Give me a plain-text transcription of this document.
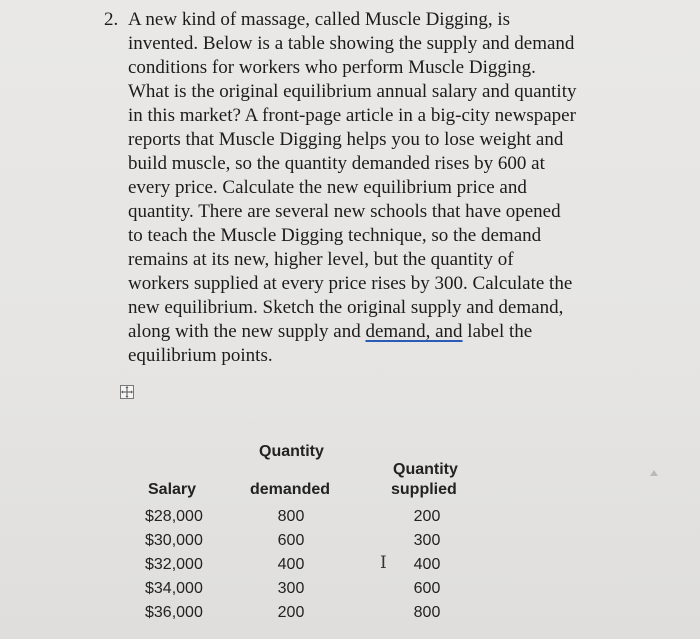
2. A new kind of massage, called Muscle Digging, is
invented. Below is a table showing the supply and demand
conditions for workers who perform Muscle Digging.
What is the original equilibrium annual salary and quantity
in this market? A front-page article in a big-city newspaper
reports that Muscle Digging helps you to lose weight and
build muscle, so the quantity demanded rises by 600 at
every price. Calculate the new equilibrium price and
quantity. There are several new schools that have opened
to teach the Muscle Digging technique, so the demand
remains at its new, higher level, but the quantity of
workers supplied at every price rises by 300. Calculate the
new equilibrium. Sketch the original supply and demand,
along with the new supply and demand, and label the
equilibrium points.
Quantity
Quantity
Salary	demanded	supplied
$28,000	800	200
$30,000	600	300
$32,000	400	400
$34,000	300	600
$36,000	200	800
I
